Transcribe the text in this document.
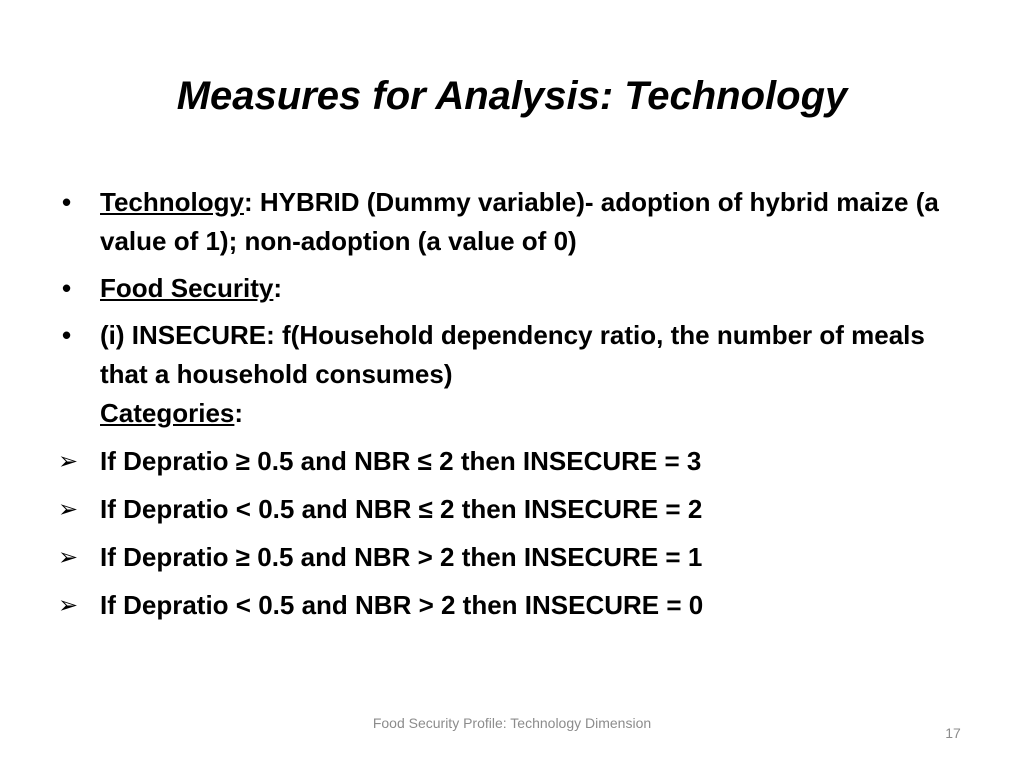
Measures for Analysis: Technology
•	Technology: HYBRID (Dummy variable)- adoption of hybrid maize (a value of 1); non-adoption (a value of 0)
•	Food Security:
•	(i) INSECURE: f(Household dependency ratio, the number of meals that a household consumes)
Categories:
➢ If Depratio ≥ 0.5 and NBR ≤ 2 then INSECURE = 3
➢ If Depratio < 0.5 and NBR ≤ 2 then INSECURE = 2
➢ If Depratio ≥ 0.5 and NBR > 2 then INSECURE = 1
➢ If Depratio < 0.5 and NBR > 2 then INSECURE = 0
Food Security Profile: Technology Dimension
17
